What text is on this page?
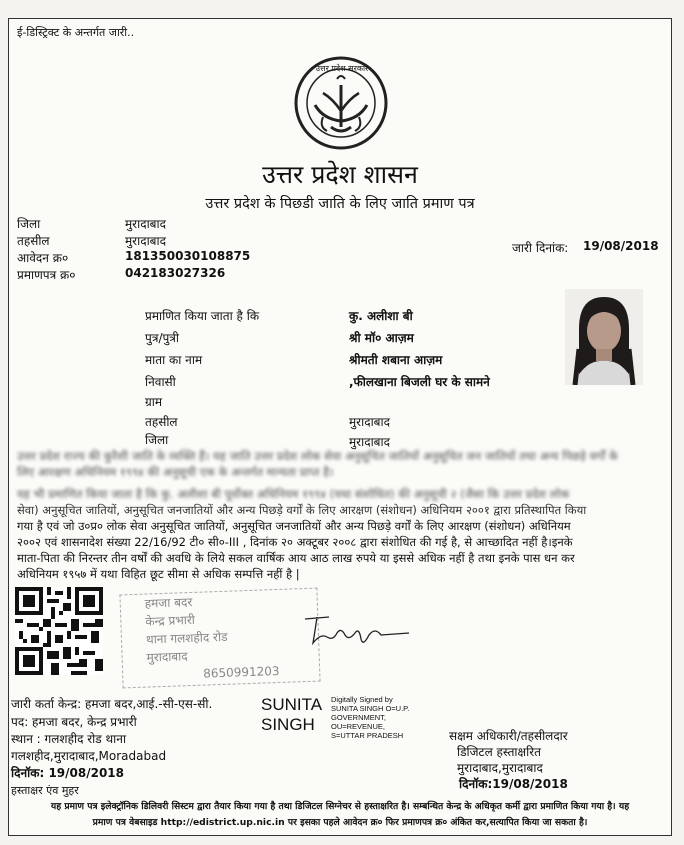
ई-डिस्ट्रिक्ट के अन्तर्गत जारी..
उत्तर प्रदेश सरकार
उत्तर प्रदेश शासन
उत्तर प्रदेश के पिछडी जाति के लिए जाति प्रमाण पत्र
जिला	मुरादाबाद
तहसील	मुरादाबाद
आवेदन क्र०	181350030108875
प्रमाणपत्र क्र०	042183027326
जारी दिनांक: 19/08/2018
प्रमाणित किया जाता है कि	कु. अलीशा बी
पुत्र/पुत्री	श्री मॉ० आज़म
माता का नाम	श्रीमती शबाना आज़म
निवासी	,फीलखाना बिजली घर के सामने
ग्राम
तहसील	मुरादाबाद
जिला	मुरादाबाद
उत्तर प्रदेश राज्य की कुरैशी जाति के व्यक्ति हैं। यह जाति उत्तर प्रदेश लोक सेवा अनुसूचित जातियों अनुसूचित जन जातियों तथा अन्य पिछड़े वर्गों के
लिए आरक्षण अधिनियम १९९४ की अनुसूची एक के अन्तर्गत मान्यता प्राप्त है।
यह भी प्रमाणित किया जाता है कि कु. अलीशा बी पूर्वोक्त अधिनियम १९९४ (यथा संशोधित) की अनुसूची २ (जैसा कि उत्तर प्रदेश लोक
सेवा) अनुसूचित जातियों, अनुसूचित जनजातियों और अन्य पिछड़े वर्गों के लिए आरक्षण (संशोधन) अधिनियम २००१ द्वारा प्रतिस्थापित किया
गया है एवं जो उ०प्र० लोक सेवा अनुसूचित जातियों, अनुसूचित जनजातियों और अन्य पिछड़े वर्गों के लिए आरक्षण (संशोधन) अधिनियम
२००२ एवं शासनादेश संख्या 22/16/92 टी० सी०-III , दिनांक २० अक्टूबर २००८ द्वारा संशोधित की गई है, से आच्छादित नहीं है।इनके
माता-पिता की निरन्तर तीन वर्षों की अवधि के लिये सकल वार्षिक आय आठ लाख रुपये या इससे अधिक नहीं है तथा इनके पास धन कर
अधिनियम १९५७ में यथा विहित छूट सीमा से अधिक सम्पत्ति नहीं है |
हमजा बदर
केन्द्र प्रभारी
थाना गलशहीद रोड
मुरादाबाद
8650991203
जारी कर्ता केन्द्र: हमजा बदर,आई.-सी-एस-सी.
पद: हमजा बदर, केन्द्र प्रभारी
स्थान : गलशहीद रोड थाना
गलशहीद,मुरादाबाद,Moradabad
दिनॉक: 19/08/2018
हस्ताक्षर एंव मुहर
SUNITA
SINGH
Digitally Signed by
SUNITA SINGH O=U.P.
GOVERNMENT,
OU=REVENUE,
S=UTTAR PRADESH	सक्षम अधिकारी/तहसीलदार
डिजिटल हस्ताक्षरित
मुरादाबाद,मुरादाबाद
दिनॉक:19/08/2018
यह प्रमाण पत्र इलेक्ट्रॉनिक डिलिवरी सिस्टम द्वारा तैयार किया गया है तथा डिजिटल सिग्नेचर से हस्ताक्षरित है। सम्बन्धित केन्द्र के अधिकृत कर्मी द्वारा प्रमाणित किया गया है। यह
प्रमाण पत्र वेबसाइड http://edistrict.up.nic.in पर इसका पहले आवेदन क्र० फिर प्रमाणपत्र क्र० अंकित कर,सत्यापित किया जा सकता है।
